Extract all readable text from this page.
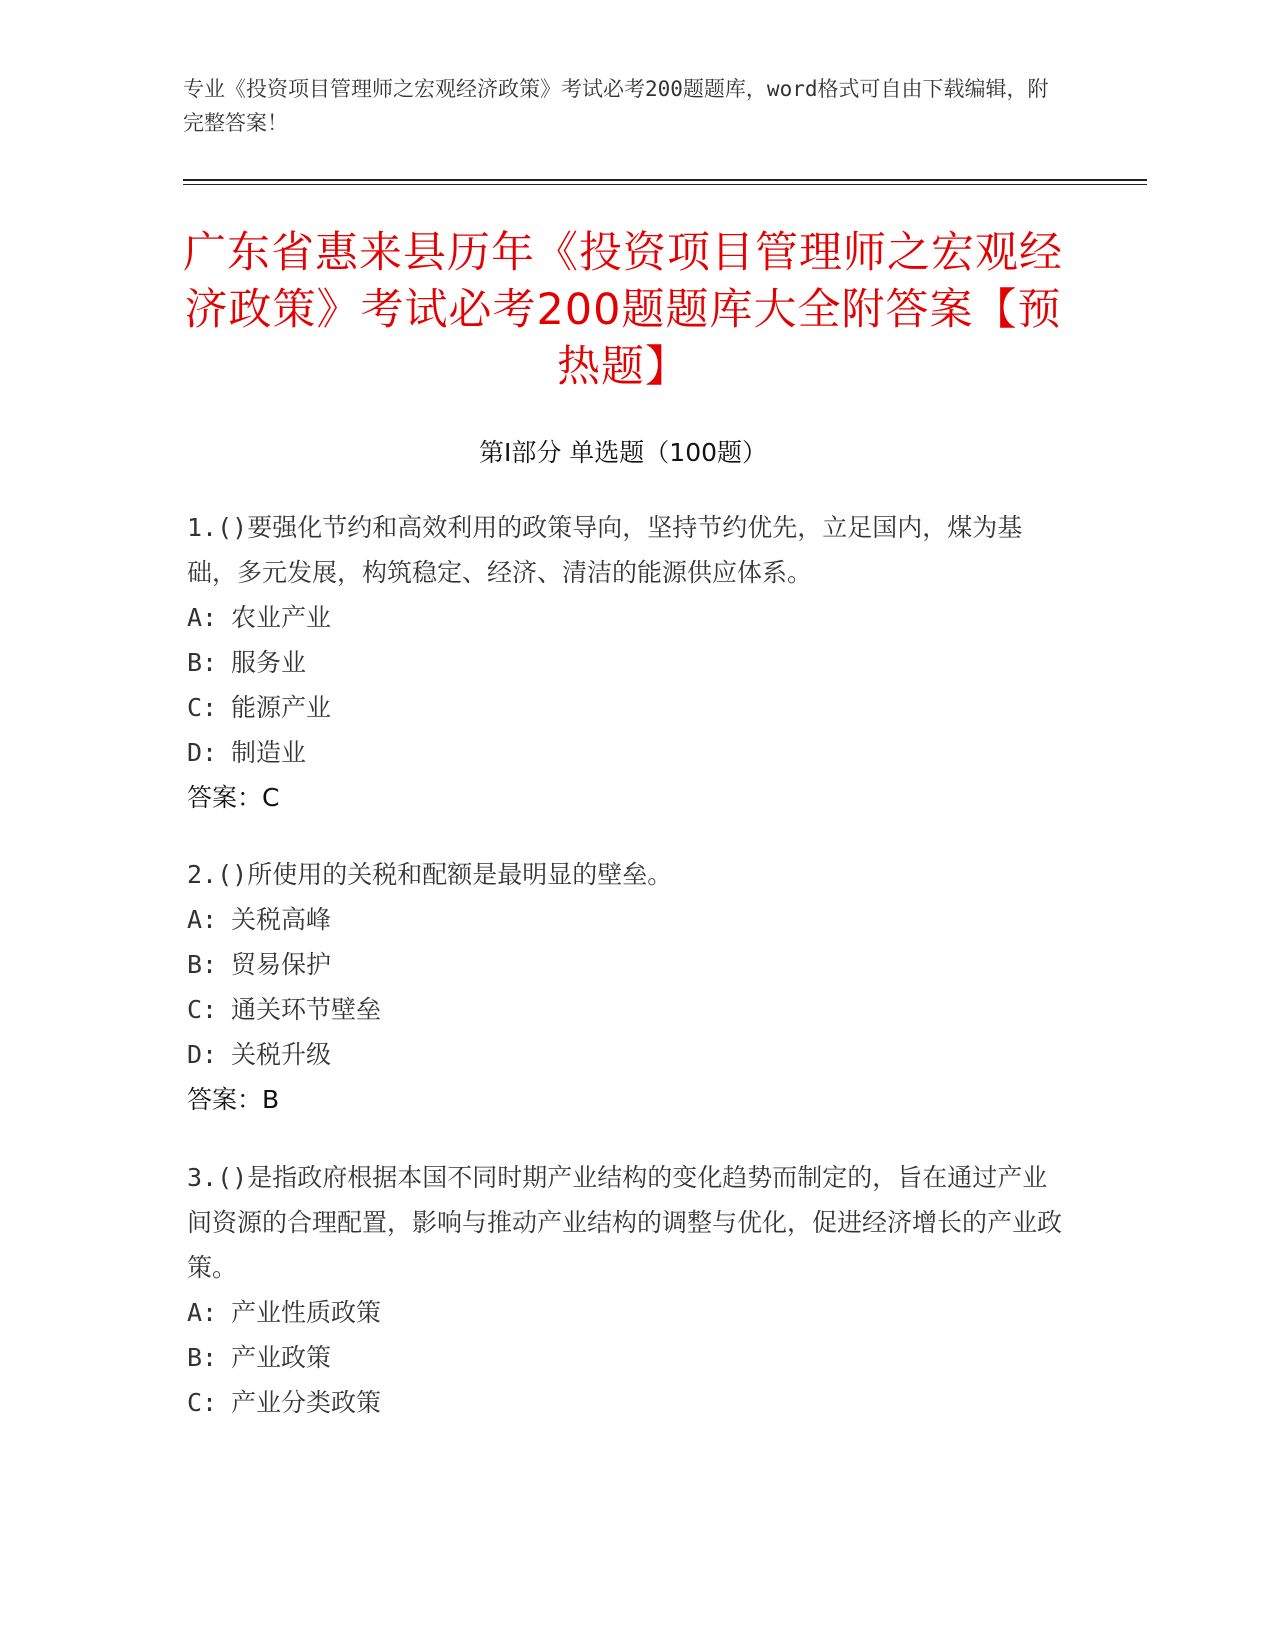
专业《投资项目管理师之宏观经济政策》考试必考200题题库，word格式可自由下载编辑，附完整答案！
广东省惠来县历年《投资项目管理师之宏观经济政策》考试必考200题题库大全附答案【预热题】
第I部分 单选题（100题）
1.()要强化节约和高效利用的政策导向，坚持节约优先，立足国内，煤为基础，多元发展，构筑稳定、经济、清洁的能源供应体系。
A: 农业产业
B: 服务业
C: 能源产业
D: 制造业
答案：C
2.()所使用的关税和配额是最明显的壁垒。
A: 关税高峰
B: 贸易保护
C: 通关环节壁垒
D: 关税升级
答案：B
3.()是指政府根据本国不同时期产业结构的变化趋势而制定的，旨在通过产业间资源的合理配置，影响与推动产业结构的调整与优化，促进经济增长的产业政策。
A: 产业性质政策
B: 产业政策
C: 产业分类政策
